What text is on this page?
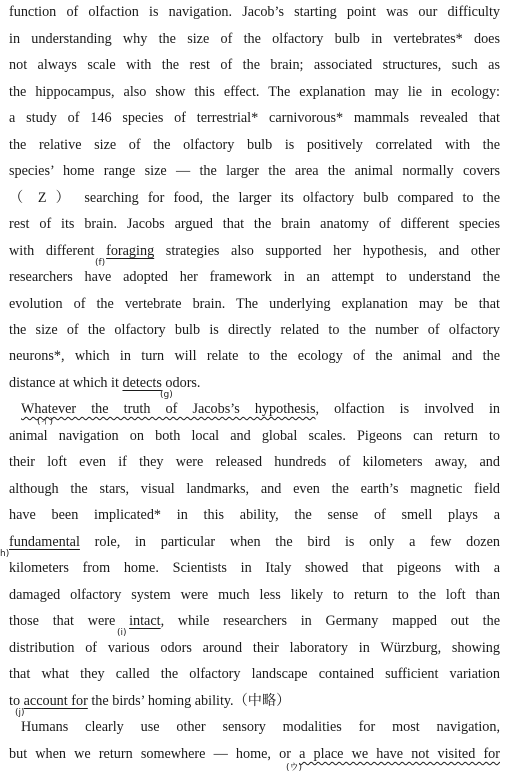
function of olfaction is navigation. Jacob’s starting point was our difficulty
in understanding why the size of the olfactory bulb in vertebrates* does
not always scale with the rest of the brain; associated structures, such as
the hippocampus, also show this effect. The explanation may lie in ecology:
a study of 146 species of terrestrial* carnivorous* mammals revealed that
the relative size of the olfactory bulb is positively correlated with the
species’ home range size — the larger the area the animal normally covers
（ Z ） searching for food, the larger its olfactory bulb compared to the
rest of its brain. Jacobs argued that the brain anatomy of different species
with different foraging strategies also supported her hypothesis, and other
researchers have adopted her framework in an attempt to understand the
evolution of the vertebrate brain. The underlying explanation may be that
the size of the olfactory bulb is directly related to the number of olfactory
neurons*, which in turn will relate to the ecology of the animal and the
distance at which it detects odors.
Whatever the truth of Jacobs’s hypothesis, olfaction is involved in
animal navigation on both local and global scales. Pigeons can return to
their loft even if they were released hundreds of kilometers away, and
although the stars, visual landmarks, and even the earth’s magnetic field
have been implicated* in this ability, the sense of smell plays a
fundamental role, in particular when the bird is only a few dozen
kilometers from home. Scientists in Italy showed that pigeons with a
damaged olfactory system were much less likely to return to the loft than
those that were intact, while researchers in Germany mapped out the
distribution of various odors around their laboratory in Würzburg, showing
that what they called the olfactory landscape contained sufficient variation
to account for the birds’ homing ability.（中略）
Humans clearly use other sensory modalities for most navigation,
but when we return somewhere — home, or a place we have not visited for
(f)
(g)
(イ)
h)
(i)
(j)
(ウ)
